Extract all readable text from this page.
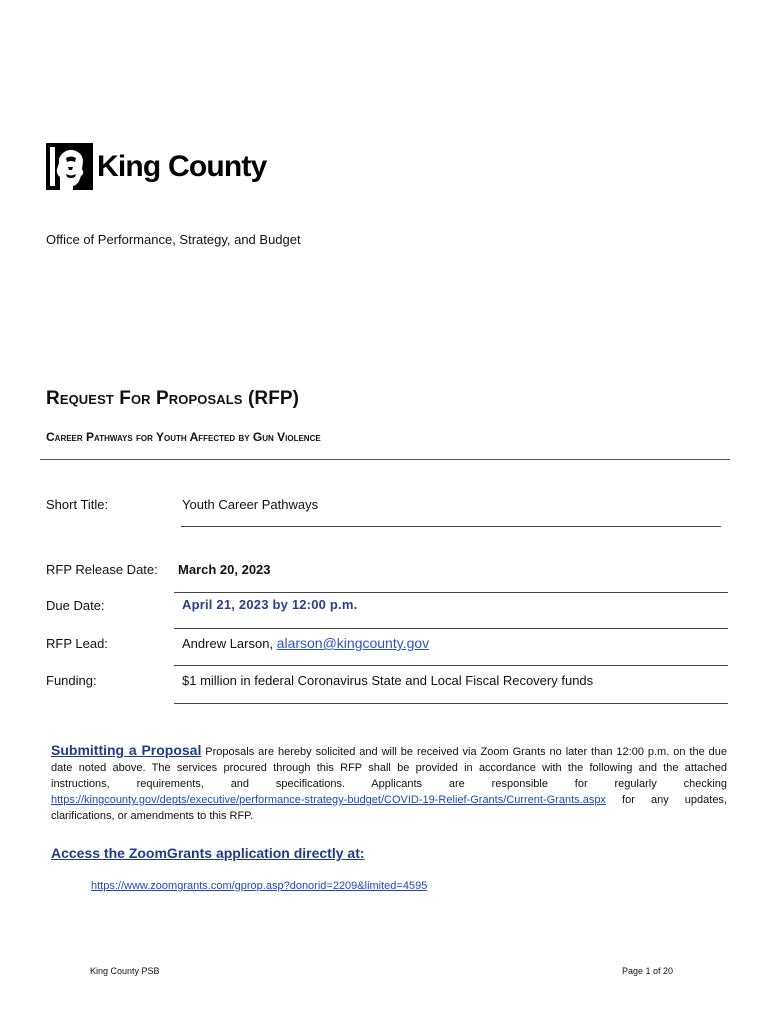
King County
Office of Performance, Strategy, and Budget
Request For Proposals (RFP)
Career Pathways for Youth Affected by Gun Violence
Short Title:	Youth Career Pathways
RFP Release Date: March 20, 2023
Due Date:	April 21, 2023 by 12:00 p.m.
RFP Lead:	Andrew Larson, alarson@kingcounty.gov
Funding:	$1 million in federal Coronavirus State and Local Fiscal Recovery funds
Submitting a Proposal Proposals are hereby solicited and will be received via Zoom Grants no later than 12:00 p.m. on the due date noted above. The services procured through this RFP shall be provided in accordance with the following and the attached instructions, requirements, and specifications. Applicants are responsible for regularly checking https://kingcounty.gov/depts/executive/performance-strategy-budget/COVID-19-Relief-Grants/Current-Grants.aspx for any updates, clarifications, or amendments to this RFP.
Access the ZoomGrants application directly at:
https://www.zoomgrants.com/gprop.asp?donorid=2209&limited=4595
King County PSB	Page 1 of 20
